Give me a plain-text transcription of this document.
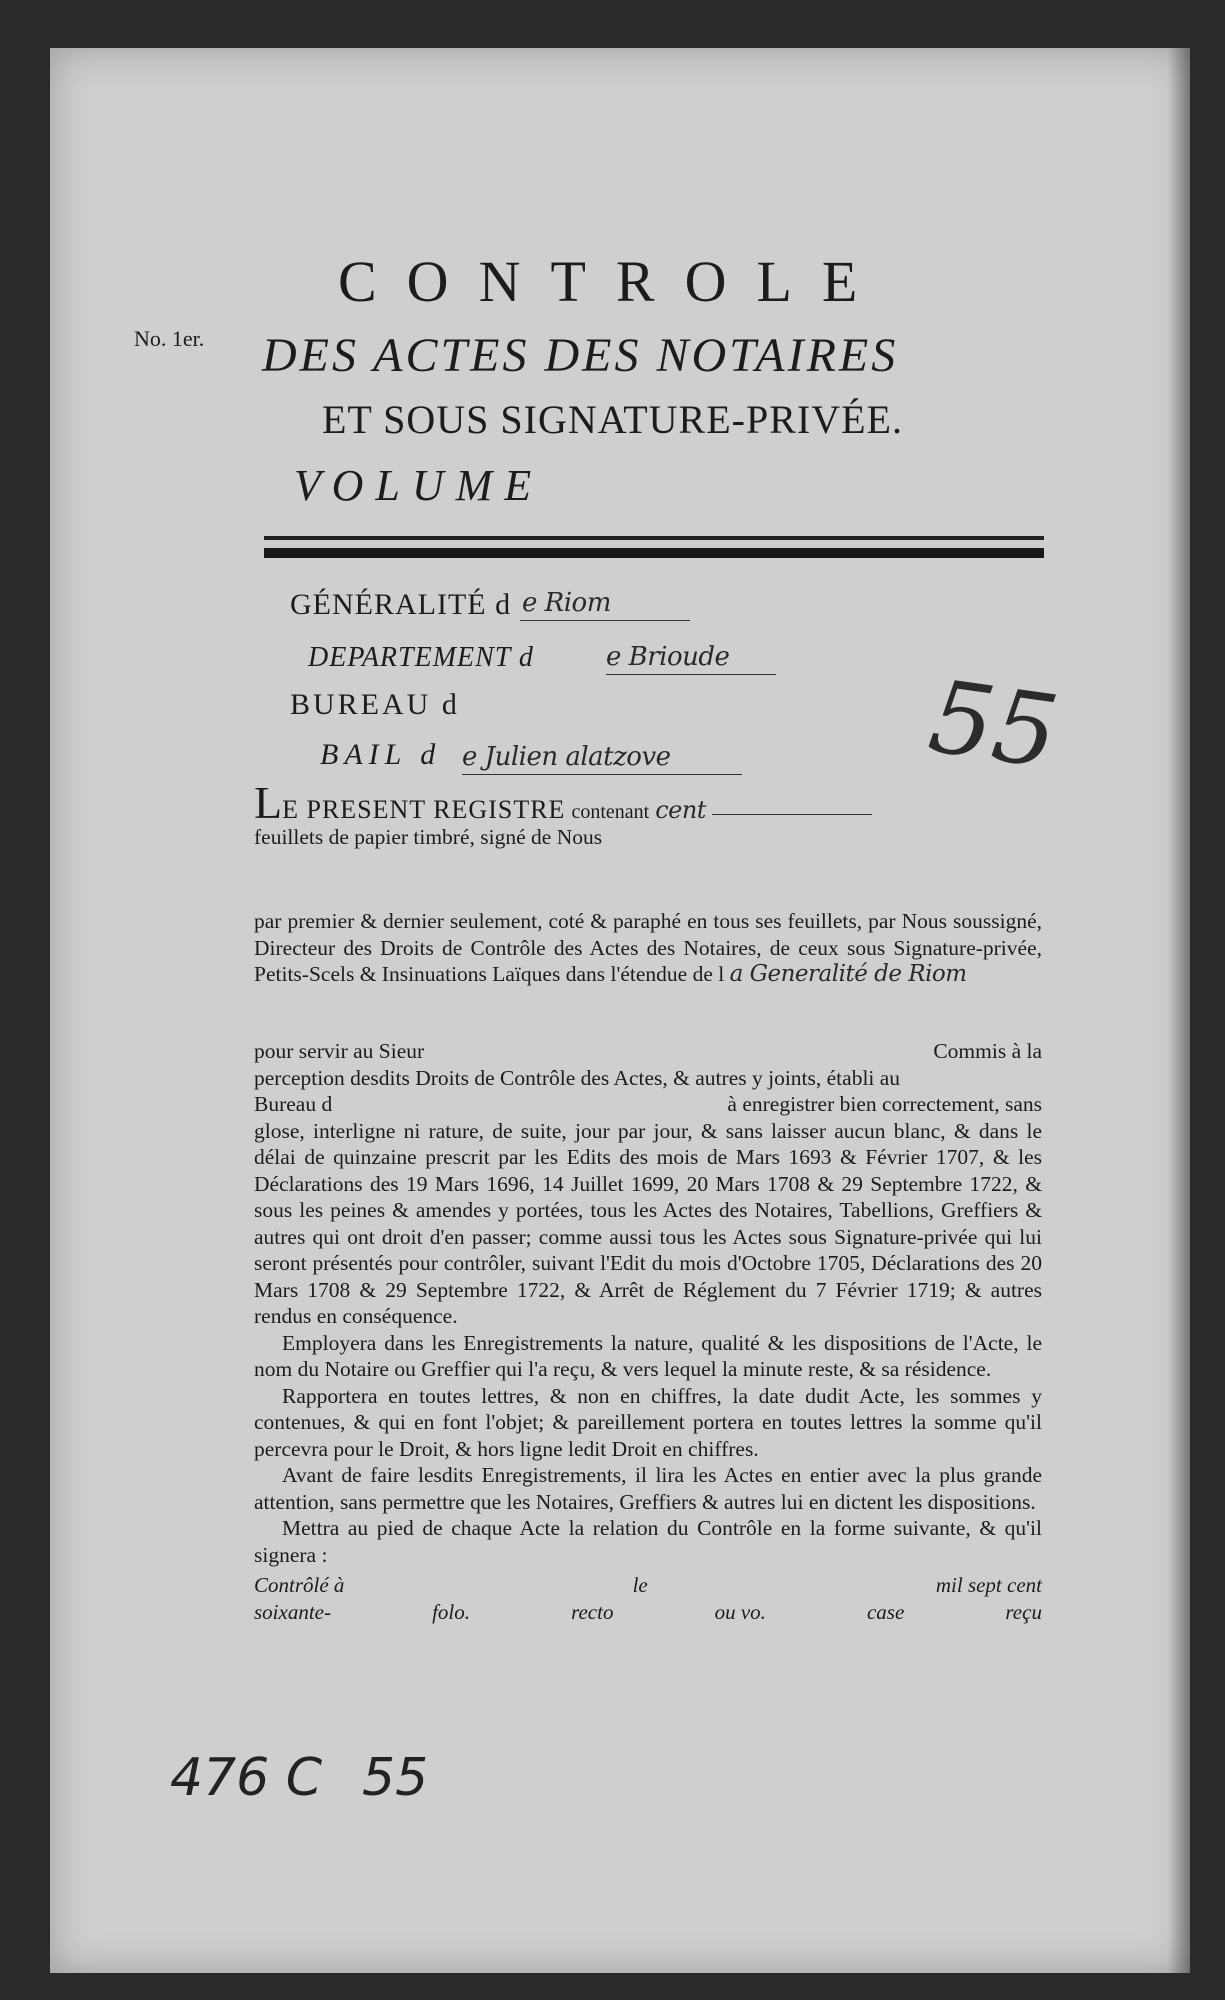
No. 1er.
CONTROLE
DES ACTES DES NOTAIRES
ET SOUS SIGNATURE-PRIVÉE.
VOLUME
GÉNÉRALITÉ d e Riom
DEPARTEMENT d	e Brioude
BUREAU d
BAIL d e Julien alatzove	55
LE PRESENT REGISTRE contenant cent
feuillets de papier timbré, signé de Nous
par premier & dernier seulement, coté & paraphé en tous ses feuillets, par Nous soussigné, Directeur des Droits de Contrôle des Actes des Notaires, de ceux sous Signature-privée, Petits-Scels & Insinuations Laïques dans l'étendue de l a Generalité de Riom

pour servir au Sieur	Commis à la

perception desdits Droits de Contrôle des Actes, & autres y joints, établi au

Bureau d	à enregistrer bien correctement, sans

glose, interligne ni rature, de suite, jour par jour, & sans laisser aucun blanc, & dans le délai de quinzaine prescrit par les Edits des mois de Mars 1693 & Février 1707, & les Déclarations des 19 Mars 1696, 14 Juillet 1699, 20 Mars 1708 & 29 Septembre 1722, & sous les peines & amendes y portées, tous les Actes des Notaires, Tabellions, Greffiers & autres qui ont droit d'en passer; comme aussi tous les Actes sous Signature-privée qui lui seront présentés pour contrôler, suivant l'Edit du mois d'Octobre 1705, Déclarations des 20 Mars 1708 & 29 Septembre 1722, & Arrêt de Réglement du 7 Février 1719; & autres rendus en conséquence.

Employera dans les Enregistrements la nature, qualité & les dispositions de l'Acte, le nom du Notaire ou Greffier qui l'a reçu, & vers lequel la minute reste, & sa résidence.

Rapportera en toutes lettres, & non en chiffres, la date dudit Acte, les sommes y contenues, & qui en font l'objet; & pareillement portera en toutes lettres la somme qu'il percevra pour le Droit, & hors ligne ledit Droit en chiffres.

Avant de faire lesdits Enregistrements, il lira les Actes en entier avec la plus grande attention, sans permettre que les Notaires, Greffiers & autres lui en dictent les dispositions.

Mettra au pied de chaque Acte la relation du Contrôle en la forme suivante, & qu'il signera :

Contrôlé à	le	mil sept cent

soixante-	folo.	recto	ou vo.	case	reçu

476 C 55
